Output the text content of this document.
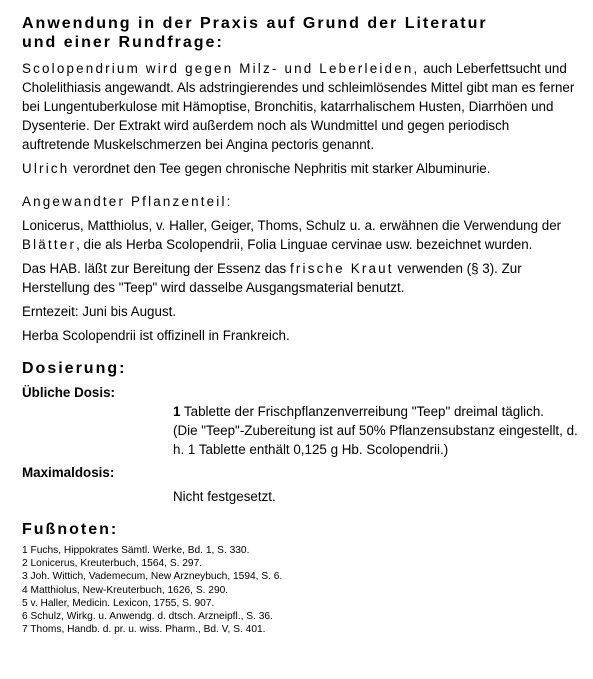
Anwendung in der Praxis auf Grund der Literatur
und einer Rundfrage:

Scolopendrium wird gegen Milz- und Leberleiden, auch Leberfettsucht und Cholelithiasis angewandt. Als adstringierendes und schleimlösendes Mittel gibt man es ferner bei Lungentuberkulose mit Hämoptise, Bronchitis, katarrhalischem Husten, Diarrhöen und Dysenterie. Der Extrakt wird außerdem noch als Wundmittel und gegen periodisch auftretende Muskelschmerzen bei Angina pectoris genannt.

Ulrich verordnet den Tee gegen chronische Nephritis mit starker Albuminurie.

Angewandter Pflanzenteil:

Lonicerus, Matthiolus, v. Haller, Geiger, Thoms, Schulz u. a. erwähnen die Verwendung der Blätter, die als Herba Scolopendrii, Folia Linguae cervinae usw. bezeichnet wurden.

Das HAB. läßt zur Bereitung der Essenz das frische Kraut verwenden (§ 3). Zur Herstellung des "Teep" wird dasselbe Ausgangsmaterial benutzt.

Erntezeit: Juni bis August.

Herba Scolopendrii ist offizinell in Frankreich.

Dosierung:

Übliche Dosis:

1 Tablette der Frischpflanzenverreibung "Teep" dreimal täglich.
(Die "Teep"-Zubereitung ist auf 50% Pflanzensubstanz eingestellt, d. h. 1 Tablette enthält 0,125 g Hb. Scolopendrii.)

Maximaldosis:

Nicht festgesetzt.
Fußnoten:

1 Fuchs, Hippokrates Sämtl. Werke, Bd. 1, S. 330.

2 Lonicerus, Kreuterbuch, 1564, S. 297.

3 Joh. Wittich, Vademecum, New Arzneybuch, 1594, S. 6.

4 Matthiolus, New-Kreuterbuch, 1626, S. 290.

5 v. Haller, Medicin. Lexicon, 1755, S. 907.

6 Schulz, Wirkg. u. Anwendg. d. dtsch. Arzneipfl., S. 36.

7 Thoms, Handb. d. pr. u. wiss. Pharm., Bd. V, S. 401.
